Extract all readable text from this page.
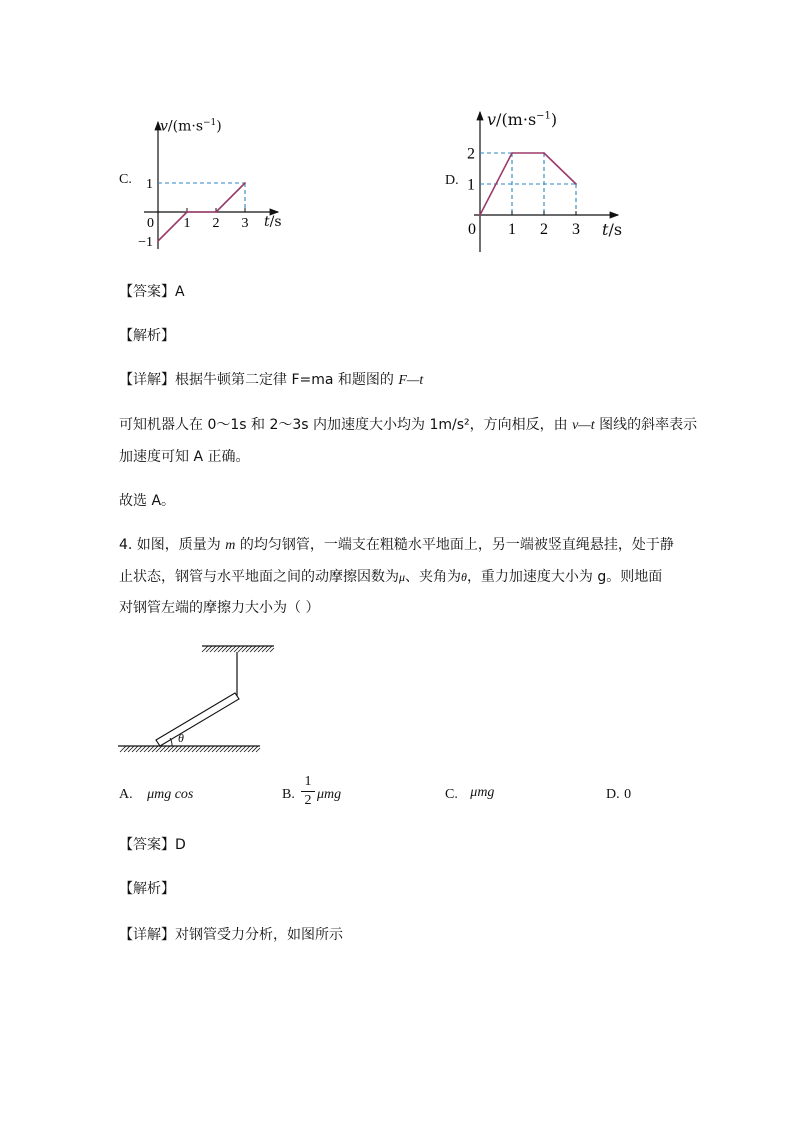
C.
1 2 3
1
−1
0
$v/(m\cdot s^{-1})$
t/s
D.
1 2 3
2
1
0
$v/(m\cdot s^{-1})$
t/s
【答案】A
【解析】
【详解】根据牛顿第二定律 F=ma 和题图的 F—t
可知机器人在 0～1s 和 2～3s 内加速度大小均为 1m/s²，方向相反，由 v—t 图线的斜率表示
加速度可知 A 正确。
故选 A。
4. 如图，质量为 m 的均匀钢管，一端支在粗糙水平地面上，另一端被竖直绳悬挂，处于静
止状态，钢管与水平地面之间的动摩擦因数为μ、夹角为θ，重力加速度大小为 g。则地面
对钢管左端的摩擦力大小为（ ）
θ
A. μmg cos	B.
1
2 μmg	C. μmg	D. 0
【答案】D
【解析】
【详解】对钢管受力分析，如图所示
